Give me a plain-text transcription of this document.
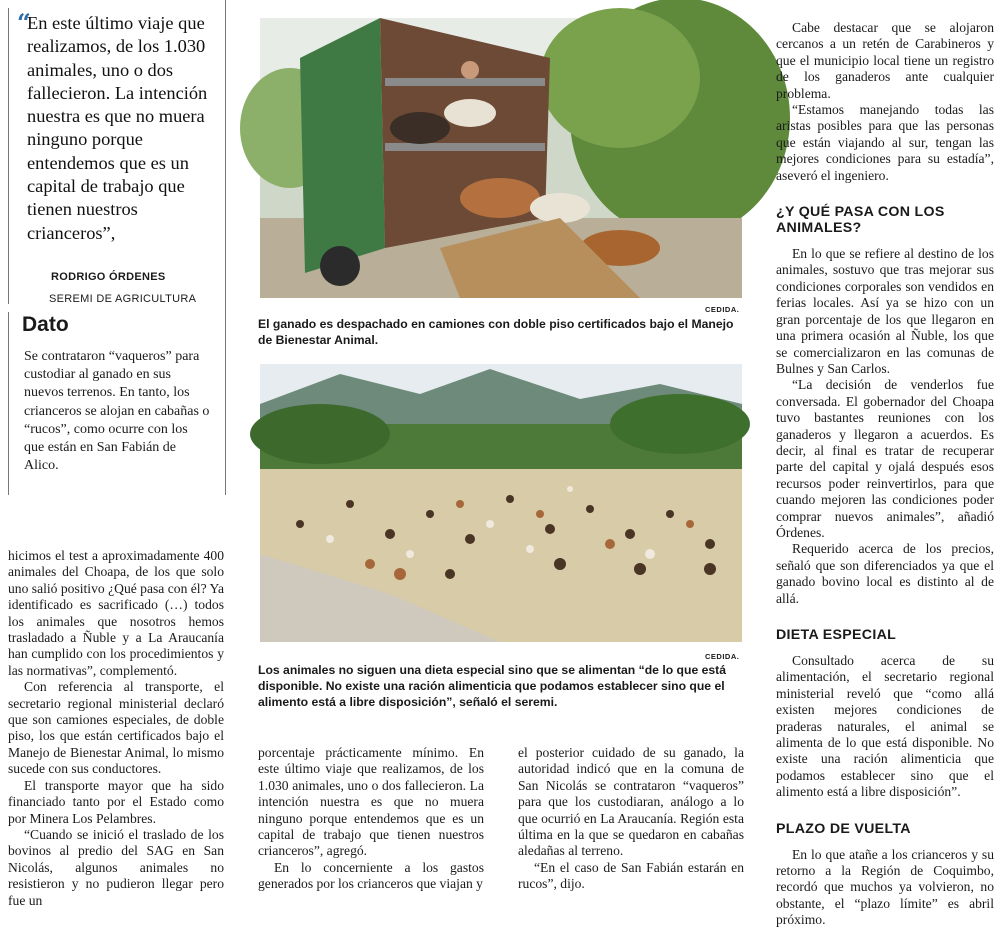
“
En este último viaje que realizamos, de los 1.030 animales, uno o dos fallecieron. La intención nuestra es que no muera ninguno porque entendemos que es un capital de trabajo que tienen nuestros crianceros”,
RODRIGO ÓRDENES
SEREMI DE AGRICULTURA
Dato
Se contrataron “vaqueros” para custodiar al ganado en sus nuevos terrenos. En tanto, los crianceros se alojan en cabañas o “rucos”, como ocurre con los que están en San Fabián de Alico.
CEDIDA.
El ganado es despachado en camiones con doble piso certificados bajo el Manejo de Bienestar Animal.
CEDIDA.
Los animales no siguen una dieta especial sino que se alimentan “de lo que está disponible. No existe una ración alimenticia que podamos establecer sino que el alimento está a libre disposición”, señaló el seremi.

hicimos el test a aproximadamente 400 animales del Choapa, de los que solo uno salió positivo ¿Qué pasa con él? Ya identificado es sacrificado (…) todos los animales que nosotros hemos trasladado a Ñuble y a La Araucanía han cumplido con los procedimientos y las normativas”, complementó.

Con referencia al transporte, el secretario regional ministerial declaró que son camiones especiales, de doble piso, los que están certificados bajo el Manejo de Bienestar Animal, lo mismo sucede con sus conductores.

El transporte mayor que ha sido financiado tanto por el Estado como por Minera Los Pelambres.

“Cuando se inició el traslado de los bovinos al predio del SAG en San Nicolás, algunos animales no resistieron y no pudieron llegar pero fue un

porcentaje prácticamente mínimo. En este último viaje que realizamos, de los 1.030 animales, uno o dos fallecieron. La intención nuestra es que no muera ninguno porque entendemos que es un capital de trabajo que tienen nuestros crianceros”, agregó.

En lo concerniente a los gastos generados por los crianceros que viajan y

el posterior cuidado de su ganado, la autoridad indicó que en la comuna de San Nicolás se contrataron “vaqueros” para que los custodiaran, análogo a lo que ocurrió en La Araucanía. Región esta última en la que se quedaron en cabañas aledañas al terreno.

“En el caso de San Fabián estarán en rucos”, dijo.

Cabe destacar que se alojaron cercanos a un retén de Carabineros y que el municipio local tiene un registro de los ganaderos ante cualquier problema.

“Estamos manejando todas las aristas posibles para que las personas que están viajando al sur, tengan las mejores condiciones para su estadía”, aseveró el ingeniero.

¿Y QUÉ PASA CON LOS ANIMALES?

En lo que se refiere al destino de los animales, sostuvo que tras mejorar sus condiciones corporales son vendidos en ferias locales. Así ya se hizo con un gran porcentaje de los que llegaron en una primera ocasión al Ñuble, los que se comercializaron en las comunas de Bulnes y San Carlos.

“La decisión de venderlos fue conversada. El gobernador del Choapa tuvo bastantes reuniones con los ganaderos y llegaron a acuerdos. Es decir, al final es tratar de recuperar parte del capital y ojalá después esos recursos poder reinvertirlos, para que cuando mejoren las condiciones poder comprar nuevos animales”, añadió Órdenes.

Requerido acerca de los precios, señaló que son diferenciados ya que el ganado bovino local es distinto al de allá.

DIETA ESPECIAL

Consultado acerca de su alimentación, el secretario regional ministerial reveló que “como allá existen mejores condiciones de praderas naturales, el animal se alimenta de lo que está disponible. No existe una ración alimenticia que podamos establecer sino que el alimento está a libre disposición”.

PLAZO DE VUELTA

En lo que atañe a los crianceros y su retorno a la Región de Coquimbo, recordó que muchos ya volvieron, no obstante, el “plazo límite” es abril próximo.
